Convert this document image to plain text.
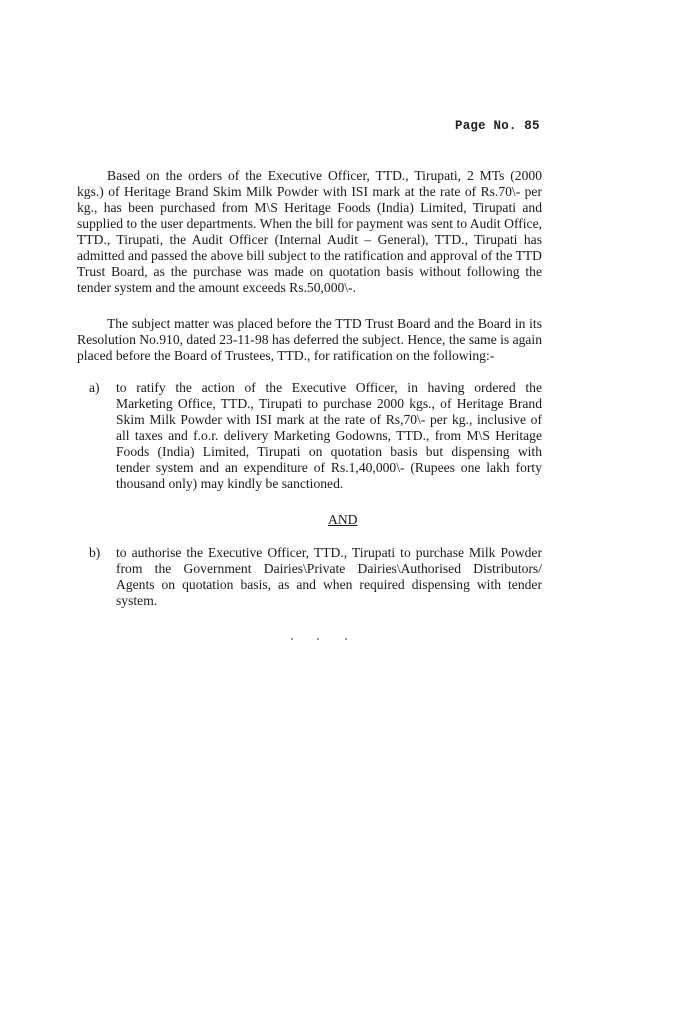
Page No. 85
Based on the orders of the Executive Officer, TTD., Tirupati, 2 MTs (2000
kgs.) of Heritage Brand Skim Milk Powder with ISI mark at the rate of Rs.70\- per
kg., has been purchased from M\S Heritage Foods (India) Limited, Tirupati and
supplied to the user departments. When the bill for payment was sent to Audit Office,
TTD., Tirupati, the Audit Officer (Internal Audit – General), TTD., Tirupati has
admitted and passed the above bill subject to the ratification and approval of the TTD
Trust Board, as the purchase was made on quotation basis without following the
tender system and the amount exceeds Rs.50,000\-.
The subject matter was placed before the TTD Trust Board and the Board in its
Resolution No.910, dated 23-11-98 has deferred the subject. Hence, the same is again
placed before the Board of Trustees, TTD., for ratification on the following:-
a) to ratify the action of the Executive Officer, in having ordered the
Marketing Office, TTD., Tirupati to purchase 2000 kgs., of Heritage Brand
Skim Milk Powder with ISI mark at the rate of Rs,70\- per kg., inclusive of
all taxes and f.o.r. delivery Marketing Godowns, TTD., from M\S Heritage
Foods (India) Limited, Tirupati on quotation basis but dispensing with
tender system and an expenditure of Rs.1,40,000\- (Rupees one lakh forty
thousand only) may kindly be sanctioned.
AND
b) to authorise the Executive Officer, TTD., Tirupati to purchase Milk Powder
from the Government Dairies\Private Dairies\Authorised Distributors/
Agents on quotation basis, as and when required dispensing with tender
system.
